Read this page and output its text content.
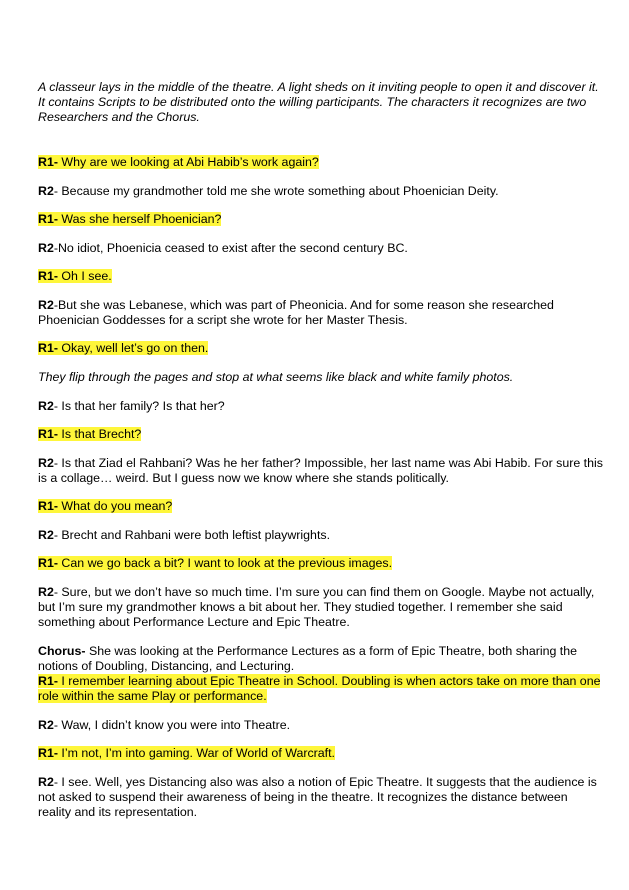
A classeur lays in the middle of the theatre. A light sheds on it inviting people to open it and discover it. It contains Scripts to be distributed onto the willing participants. The characters it recognizes are two Researchers and the Chorus.

R1- Why are we looking at Abi Habib’s work again?

R2- Because my grandmother told me she wrote something about Phoenician Deity.

R1- Was she herself Phoenician?

R2-No idiot, Phoenicia ceased to exist after the second century BC.

R1- Oh I see.

R2-But she was Lebanese, which was part of Pheonicia. And for some reason she researched Phoenician Goddesses for a script she wrote for her Master Thesis.

R1- Okay, well let’s go on then.

They flip through the pages and stop at what seems like black and white family photos.

R2- Is that her family? Is that her?

R1- Is that Brecht?

R2- Is that Ziad el Rahbani? Was he her father? Impossible, her last name was Abi Habib. For sure this is a collage… weird. But I guess now we know where she stands politically.

R1- What do you mean?

R2- Brecht and Rahbani were both leftist playwrights.

R1- Can we go back a bit? I want to look at the previous images.

R2- Sure, but we don’t have so much time. I’m sure you can find them on Google. Maybe not actually, but I’m sure my grandmother knows a bit about her. They studied together. I remember she said something about Performance Lecture and Epic Theatre.

Chorus- She was looking at the Performance Lectures as a form of Epic Theatre, both sharing the notions of Doubling, Distancing, and Lecturing.

R1- I remember learning about Epic Theatre in School. Doubling is when actors take on more than one role within the same Play or performance.

R2- Waw, I didn’t know you were into Theatre.

R1- I’m not, I’m into gaming. War of World of Warcraft.

R2- I see. Well, yes Distancing also was also a notion of Epic Theatre. It suggests that the audience is not asked to suspend their awareness of being in the theatre. It recognizes the distance between reality and its representation.
